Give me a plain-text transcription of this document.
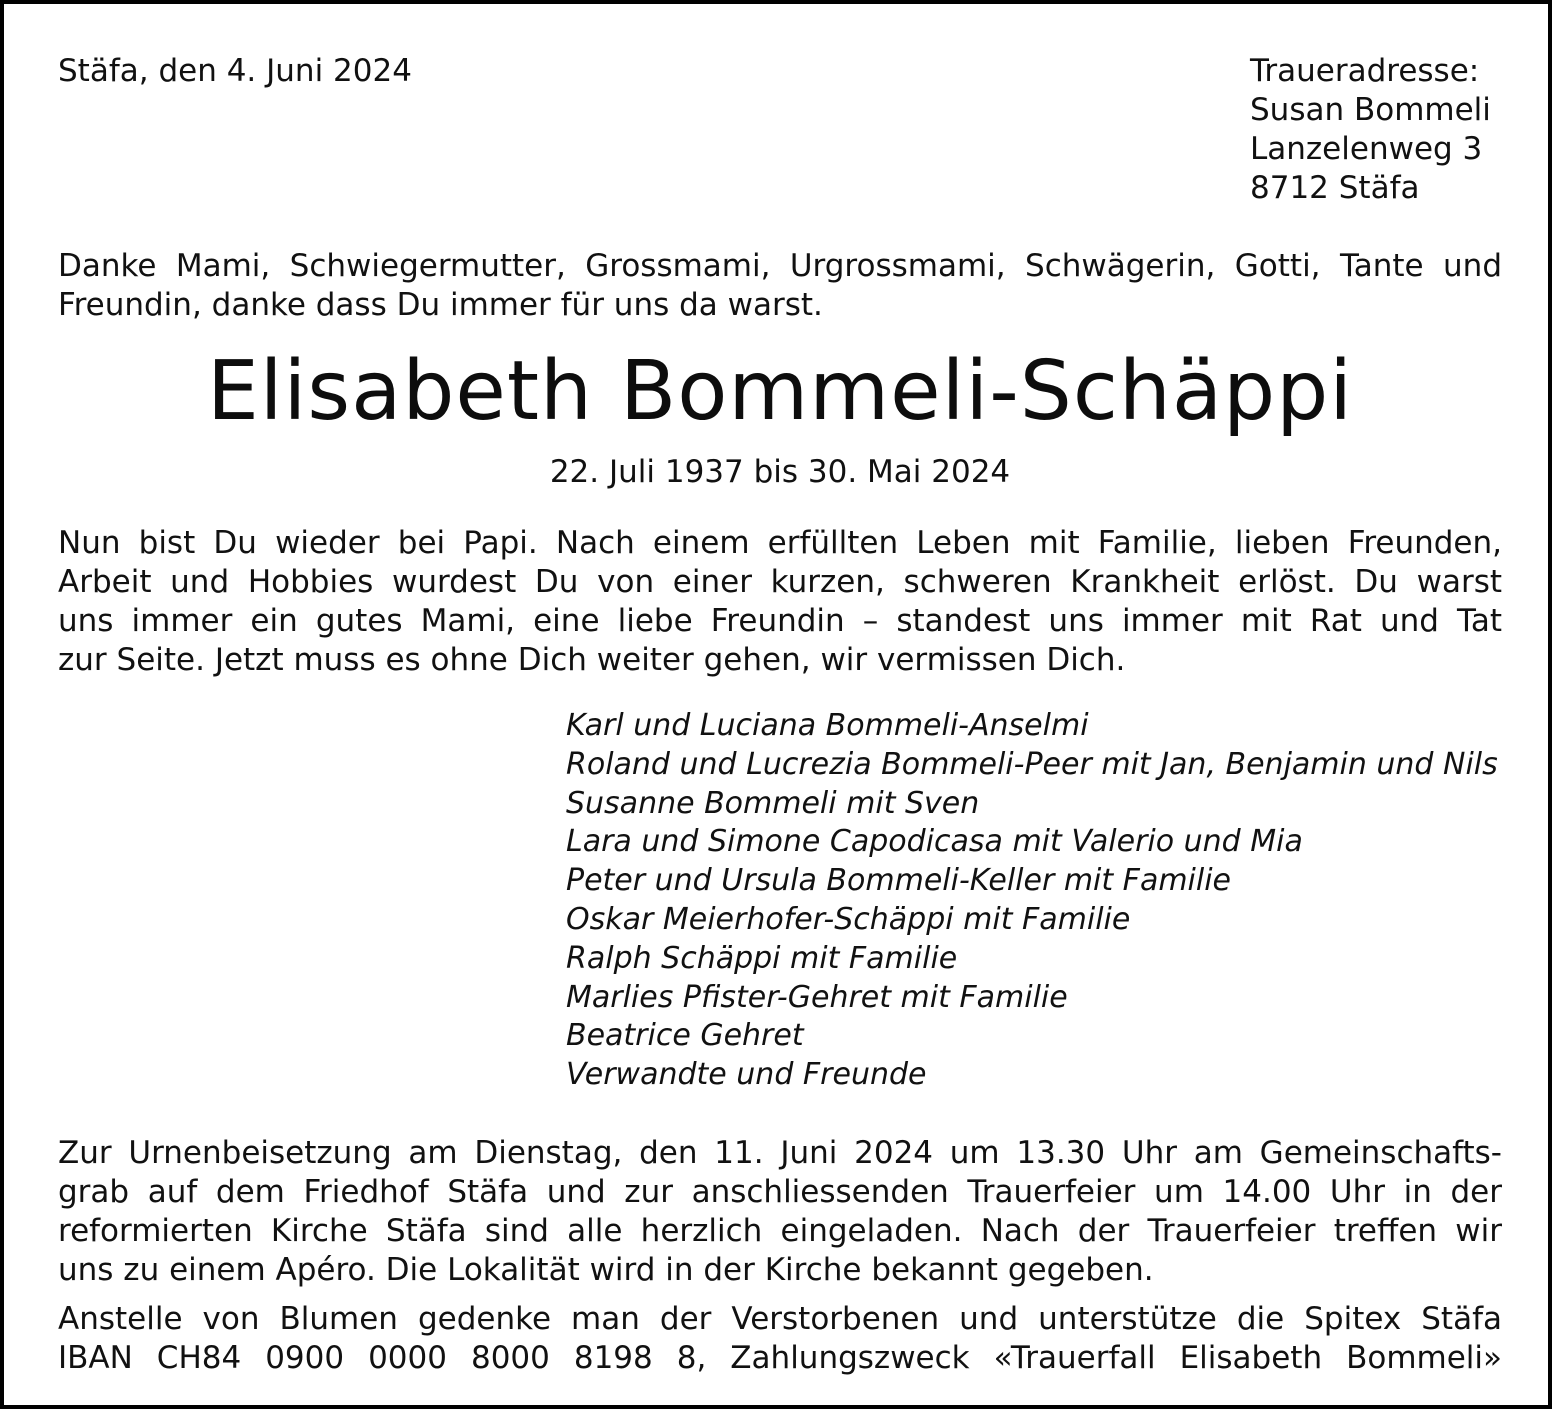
Stäfa, den 4. Juni 2024	Traueradresse:
Susan Bommeli
Lanzelenweg 3
8712 Stäfa
Danke Mami, Schwiegermutter, Grossmami, Urgrossmami, Schwägerin, Gotti, Tante und
Freundin, danke dass Du immer für uns da warst.
Elisabeth Bommeli-Schäppi
22. Juli 1937 bis 30. Mai 2024
Nun bist Du wieder bei Papi. Nach einem erfüllten Leben mit Familie, lieben Freunden,
Arbeit und Hobbies wurdest Du von einer kurzen, schweren Krankheit erlöst. Du warst
uns immer ein gutes Mami, eine liebe Freundin – standest uns immer mit Rat und Tat
zur Seite. Jetzt muss es ohne Dich weiter gehen, wir vermissen Dich.
Karl und Luciana Bommeli-Anselmi
Roland und Lucrezia Bommeli-Peer mit Jan, Benjamin und Nils
Susanne Bommeli mit Sven
Lara und Simone Capodicasa mit Valerio und Mia
Peter und Ursula Bommeli-Keller mit Familie
Oskar Meierhofer-Schäppi mit Familie
Ralph Schäppi mit Familie
Marlies Pfister-Gehret mit Familie
Beatrice Gehret
Verwandte und Freunde
Zur Urnenbeisetzung am Dienstag, den 11. Juni 2024 um 13.30 Uhr am Gemeinschafts-
grab auf dem Friedhof Stäfa und zur anschliessenden Trauerfeier um 14.00 Uhr in der
reformierten Kirche Stäfa sind alle herzlich eingeladen. Nach der Trauerfeier treffen wir
uns zu einem Apéro. Die Lokalität wird in der Kirche bekannt gegeben.
Anstelle von Blumen gedenke man der Verstorbenen und unterstütze die Spitex Stäfa
IBAN CH84 0900 0000 8000 8198 8, Zahlungszweck «Trauerfall Elisabeth Bommeli»
